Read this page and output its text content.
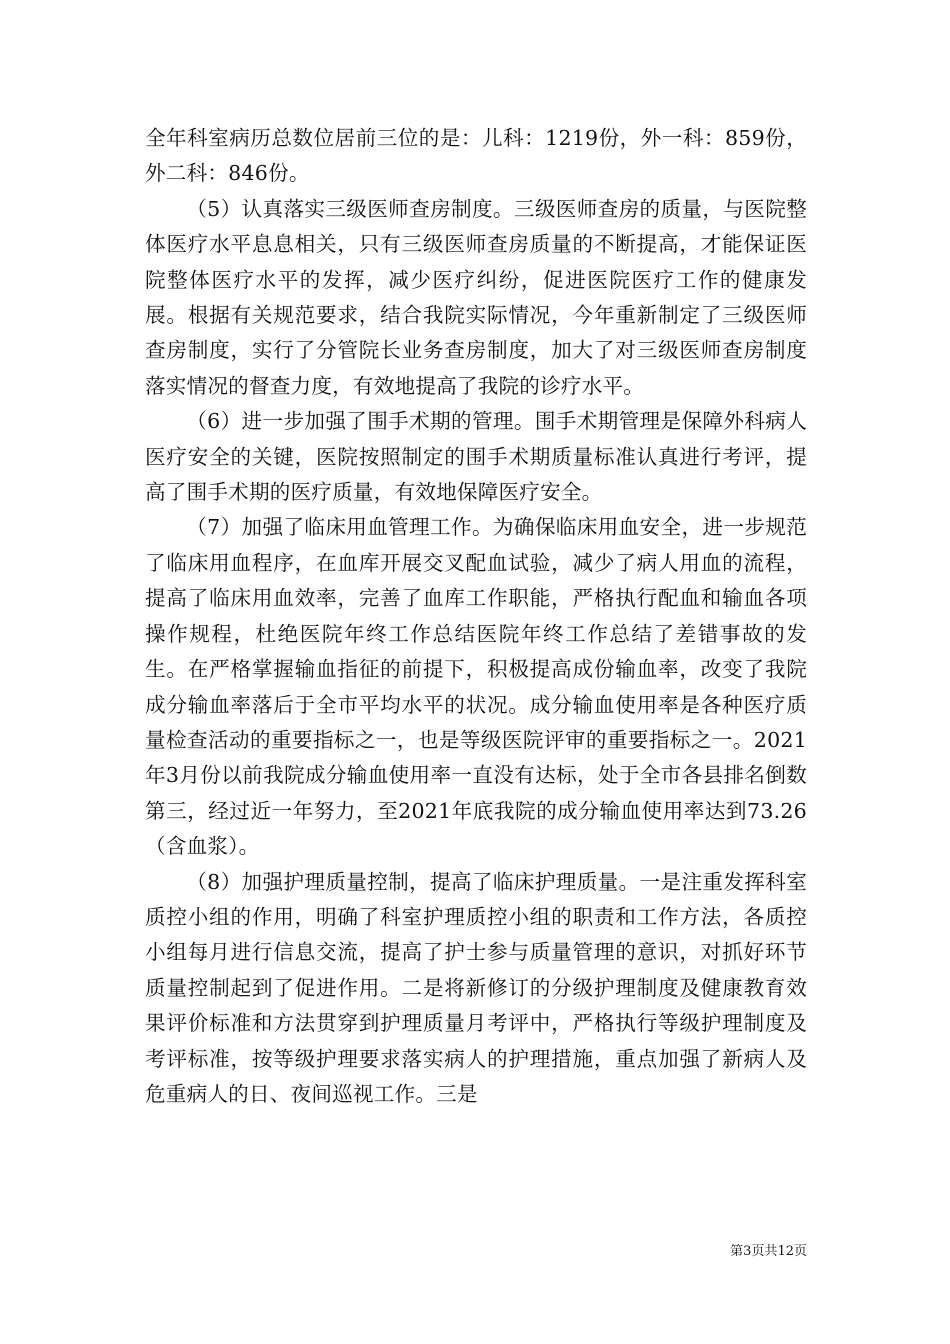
全年科室病历总数位居前三位的是：儿科：1219份，外一科：859份，外二科：846份。

（5）认真落实三级医师查房制度。三级医师查房的质量，与医院整体医疗水平息息相关，只有三级医师查房质量的不断提高，才能保证医院整体医疗水平的发挥，减少医疗纠纷，促进医院医疗工作的健康发展。根据有关规范要求，结合我院实际情况，今年重新制定了三级医师查房制度，实行了分管院长业务查房制度，加大了对三级医师查房制度落实情况的督查力度，有效地提高了我院的诊疗水平。

（6）进一步加强了围手术期的管理。围手术期管理是保障外科病人医疗安全的关键，医院按照制定的围手术期质量标准认真进行考评，提高了围手术期的医疗质量，有效地保障医疗安全。

（7）加强了临床用血管理工作。为确保临床用血安全，进一步规范了临床用血程序，在血库开展交叉配血试验，减少了病人用血的流程，提高了临床用血效率，完善了血库工作职能，严格执行配血和输血各项操作规程，杜绝医院年终工作总结医院年终工作总结了差错事故的发生。在严格掌握输血指征的前提下，积极提高成份输血率，改变了我院成分输血率落后于全市平均水平的状况。成分输血使用率是各种医疗质量检查活动的重要指标之一，也是等级医院评审的重要指标之一。2021年3月份以前我院成分输血使用率一直没有达标，处于全市各县排名倒数第三，经过近一年努力，至2021年底我院的成分输血使用率达到73.26（含血浆）。

（8）加强护理质量控制，提高了临床护理质量。一是注重发挥科室质控小组的作用，明确了科室护理质控小组的职责和工作方法，各质控小组每月进行信息交流，提高了护士参与质量管理的意识，对抓好环节质量控制起到了促进作用。二是将新修订的分级护理制度及健康教育效果评价标准和方法贯穿到护理质量月考评中，严格执行等级护理制度及考评标准，按等级护理要求落实病人的护理措施，重点加强了新病人及危重病人的日、夜间巡视工作。三是

第3页共12页
